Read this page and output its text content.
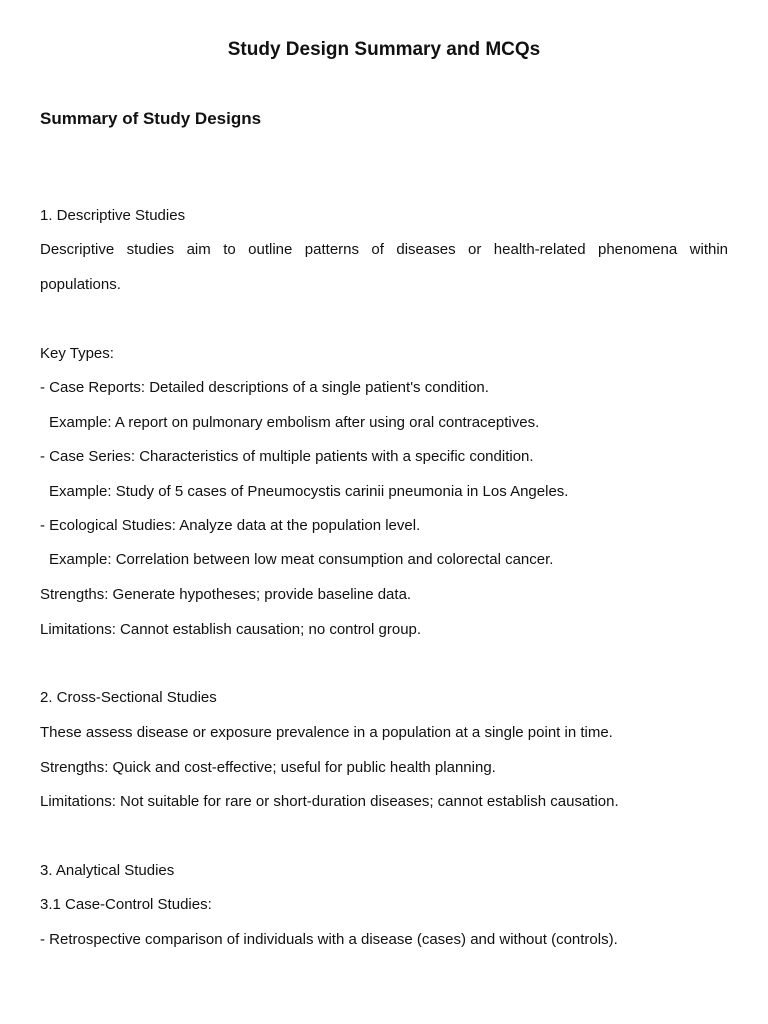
Study Design Summary and MCQs
Summary of Study Designs
1. Descriptive Studies
Descriptive studies aim to outline patterns of diseases or health-related phenomena within
populations.
Key Types:
- Case Reports: Detailed descriptions of a single patient's condition.
Example: A report on pulmonary embolism after using oral contraceptives.
- Case Series: Characteristics of multiple patients with a specific condition.
Example: Study of 5 cases of Pneumocystis carinii pneumonia in Los Angeles.
- Ecological Studies: Analyze data at the population level.
Example: Correlation between low meat consumption and colorectal cancer.
Strengths: Generate hypotheses; provide baseline data.
Limitations: Cannot establish causation; no control group.
2. Cross-Sectional Studies
These assess disease or exposure prevalence in a population at a single point in time.
Strengths: Quick and cost-effective; useful for public health planning.
Limitations: Not suitable for rare or short-duration diseases; cannot establish causation.
3. Analytical Studies
3.1 Case-Control Studies:
- Retrospective comparison of individuals with a disease (cases) and without (controls).
